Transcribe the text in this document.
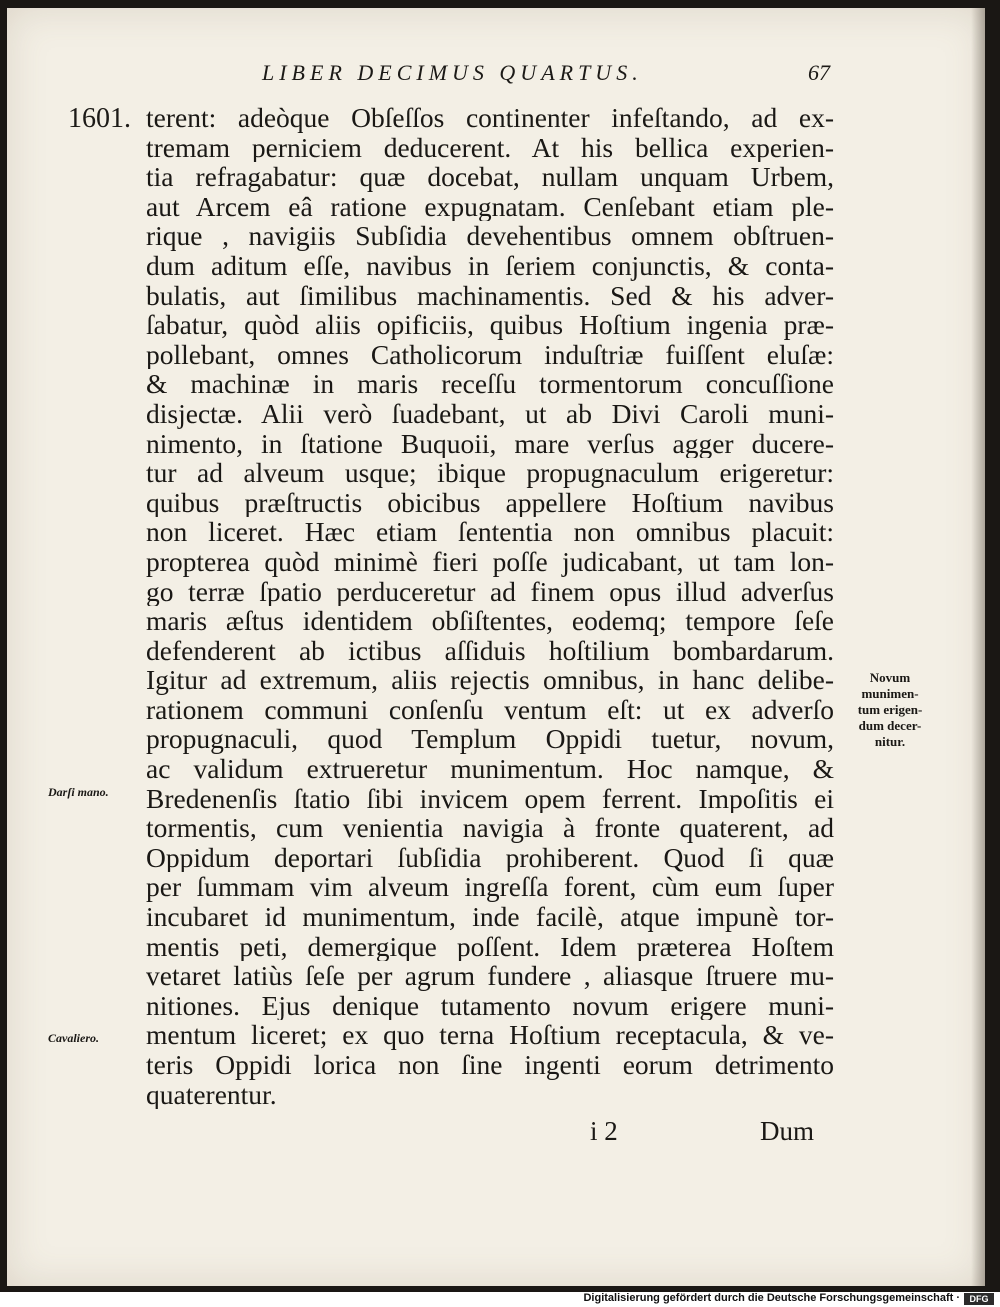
LIBER DECIMUS QUARTUS.	67
1601. terent: adeòque Obſeſſos continenter infeſtando, ad ex-
tremam perniciem deducerent. At his bellica experien-
tia refragabatur: quæ docebat, nullam unquam Urbem,
aut Arcem eâ ratione expugnatam. Cenſebant etiam ple-
rique , navigiis Subſidia devehentibus omnem obſtruen-
dum aditum eſſe, navibus in ſeriem conjunctis, & conta-
bulatis, aut ſimilibus machinamentis. Sed & his adver-
ſabatur, quòd aliis opificiis, quibus Hoſtium ingenia præ-
pollebant, omnes Catholicorum induſtriæ fuiſſent eluſæ:
& machinæ in maris receſſu tormentorum concuſſione
disjectæ. Alii verò ſuadebant, ut ab Divi Caroli muni-
nimento, in ſtatione Buquoii, mare verſus agger ducere-
tur ad alveum usque; ibique propugnaculum erigeretur:
quibus præſtructis obicibus appellere Hoſtium navibus
non liceret. Hæc etiam ſententia non omnibus placuit:
propterea quòd minimè fieri poſſe judicabant, ut tam lon-
go terræ ſpatio perduceretur ad finem opus illud adverſus
maris æſtus identidem obſiſtentes, eodemq; tempore ſeſe
defenderent ab ictibus aſſiduis hoſtilium bombardarum.
Igitur ad extremum, aliis rejectis omnibus, in hanc delibe-
rationem communi conſenſu ventum eſt: ut ex adverſo
propugnaculi, quod Templum Oppidi tuetur, novum,
ac validum extrueretur munimentum. Hoc namque, &
Bredenenſis ſtatio ſibi invicem opem ferrent. Impoſitis ei
tormentis, cum venientia navigia à fronte quaterent, ad
Oppidum deportari ſubſidia prohiberent. Quod ſi quæ
per ſummam vim alveum ingreſſa forent, cùm eum ſuper
incubaret id munimentum, inde facilè, atque impunè tor-
mentis peti, demergique poſſent. Idem præterea Hoſtem
vetaret latiùs ſeſe per agrum fundere , aliasque ſtruere mu-
nitiones. Ejus denique tutamento novum erigere muni-
mentum liceret; ex quo terna Hoſtium receptacula, & ve-
teris Oppidi lorica non ſine ingenti eorum detrimento
quaterentur.
Novum
munimen-
tum erigen-
dum decer-
nitur.
Darſi mano.
Cavaliero.
i 2	Dum
Digitalisierung gefördert durch die Deutsche Forschungsgemeinschaft ·	DFG
